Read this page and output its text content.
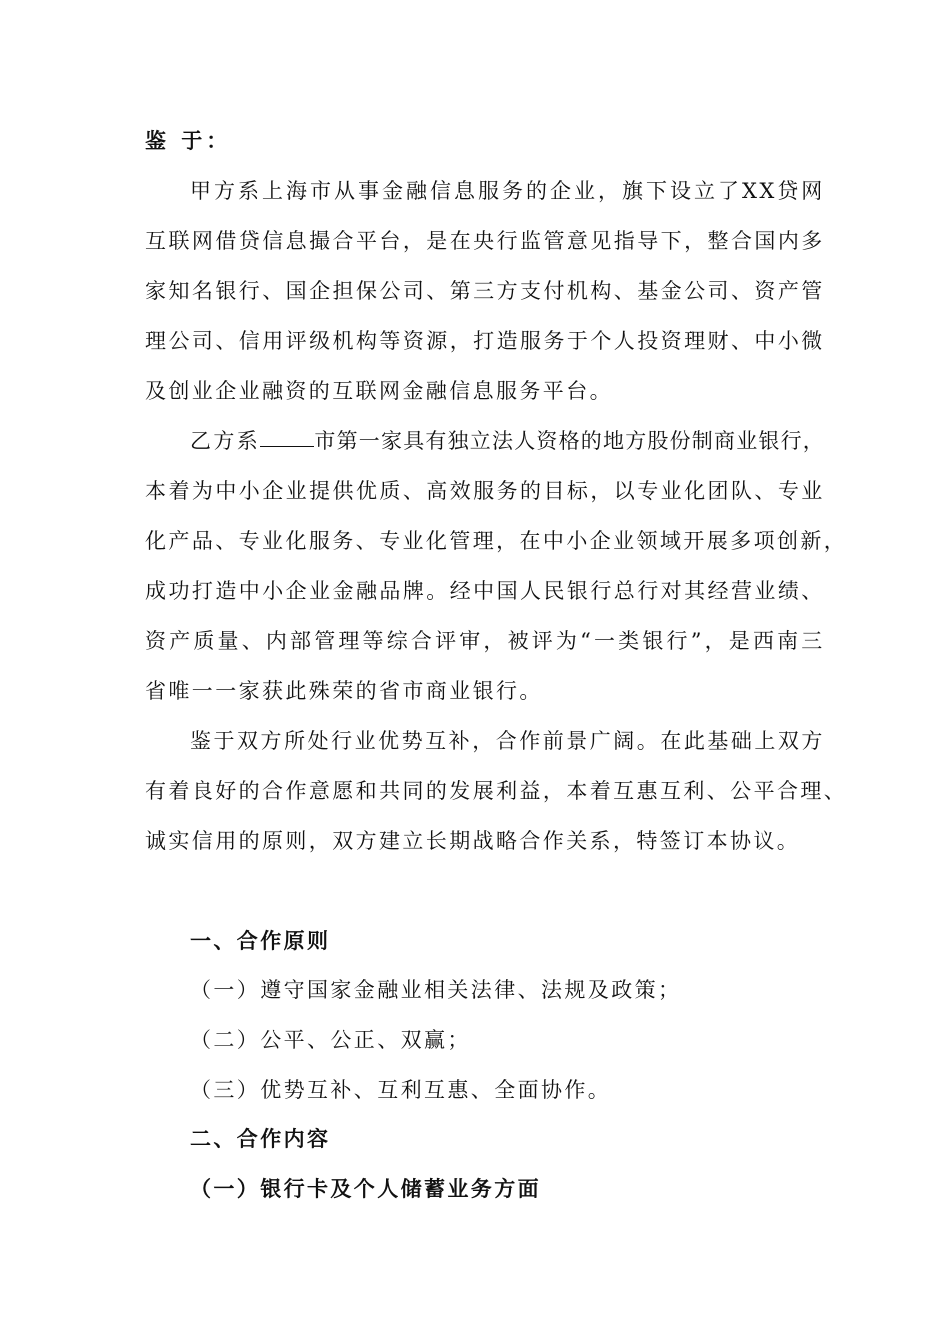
鉴 于：
甲 方 系 上 海 市 从 事 金 融 信 息 服 务 的 企 业 ， 旗 下 设 立 了 XX 贷 网
互 联 网 借 贷 信 息 撮 合 平 台 ， 是 在 央 行 监 管 意 见 指 导 下 ， 整 合 国 内 多
家 知 名 银 行 、 国 企 担 保 公 司 、 第 三 方 支 付 机 构 、 基 金 公 司 、 资 产 管
理 公 司 、 信 用 评 级 机 构 等 资 源 ， 打 造 服 务 于 个 人 投 资 理 财 、 中 小 微
及创业企业融资的互联网金融信息服务平台。
乙方系	市第一家具有独立法人资格的地方股份制商业银行，
本 着 为 中 小 企 业 提 供 优 质 、 高 效 服 务 的 目 标 ， 以 专 业 化 团 队 、 专 业
化 产 品 、 专 业 化 服 务 、 专 业 化 管 理 ， 在 中 小 企 业 领 域 开 展 多 项 创 新 ，
成 功 打 造 中 小 企 业 金 融 品 牌 。 经 中 国 人 民 银 行 总 行 对 其 经 营 业 绩 、
资 产 质 量 、 内 部 管 理 等 综 合 评 审 ， 被 评 为 “ 一 类 银 行 ” ， 是 西 南 三
省唯一一家获此殊荣的省市商业银行。
鉴 于 双 方 所 处 行 业 优 势 互 补 ， 合 作 前 景 广 阔 。 在 此 基 础 上 双 方
有 着 良 好 的 合 作 意 愿 和 共 同 的 发 展 利 益 ， 本 着 互 惠 互 利 、 公 平 合 理 、
诚实信用的原则，双方建立长期战略合作关系，特签订本协议。
一、合作原则
（一）遵守国家金融业相关法律、法规及政策；
（二）公平、公正、双赢；
（三）优势互补、互利互惠、全面协作。
二、合作内容
（一）银行卡及个人储蓄业务方面
